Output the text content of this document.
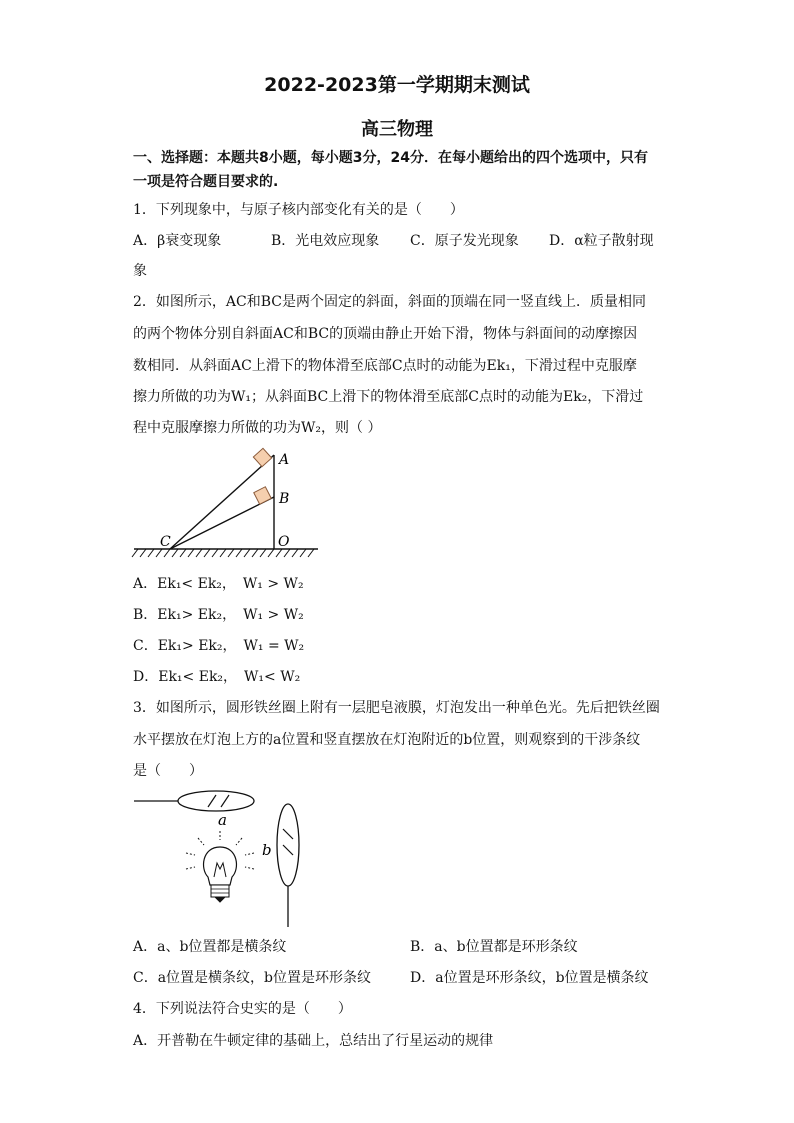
2022-2023第一学期期末测试
高三物理
一、选择题：本题共8小题，每小题3分，24分．在每小题给出的四个选项中，只有
一项是符合题目要求的.
1．下列现象中，与原子核内部变化有关的是（　　）
A．β衰变现象	B．光电效应现象 C．原子发光现象 D．α粒子散射现
象
2．如图所示，AC和BC是两个固定的斜面，斜面的顶端在同一竖直线上．质量相同
的两个物体分别自斜面AC和BC的顶端由静止开始下滑，物体与斜面间的动摩擦因
数相同．从斜面AC上滑下的物体滑至底部C点时的动能为Ek₁，下滑过程中克服摩
擦力所做的功为W₁；从斜面BC上滑下的物体滑至底部C点时的动能为Ek₂，下滑过
程中克服摩擦力所做的功为W₂，则（ ）
A
B
C	O
A．Ek₁< Ek₂，　W₁ > W₂
B．Ek₁> Ek₂，　W₁ > W₂
C．Ek₁> Ek₂，　W₁ = W₂
D．Ek₁< Ek₂，　W₁< W₂
3．如图所示，圆形铁丝圈上附有一层肥皂液膜，灯泡发出一种单色光。先后把铁丝圈
水平摆放在灯泡上方的a位置和竖直摆放在灯泡附近的b位置，则观察到的干涉条纹
是（　　）
a
b
A．a、b位置都是横条纹	B．a、b位置都是环形条纹
C．a位置是横条纹，b位置是环形条纹	D．a位置是环形条纹，b位置是横条纹
4．下列说法符合史实的是（　　）
A．开普勒在牛顿定律的基础上，总结出了行星运动的规律
